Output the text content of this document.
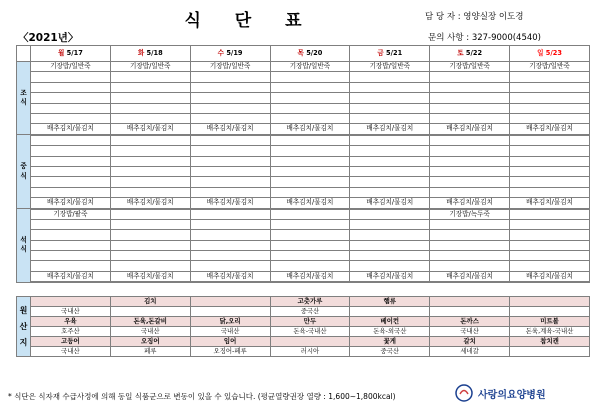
식 단 표	담 당 자 : 영양실장 이도경
〈2021년〉	문의 사항 : 327-9000(4540)
	월 5/17	화 5/18	수 5/19	목 5/20	금 5/21	토 5/22	일 5/23

조
식	기장밥/일반죽	기장밥/일반죽	기장밥/일반죽	기장밥/일반죽	기장밥/일반죽	기장밥/일반죽	기장밥/일반죽

	배추김치/물김치	배추김치/물김치	배추김치/물김치	배추김치/물김치	배추김치/물김치	배추김치/물김치	배추김치/물김치

중
식							

	배추김치/물김치	배추김치/물김치	배추김치/물김치	배추김치/물김치	배추김치/물김치	배추김치/물김치	배추김치/물김치

석
식	기장밥/팥죽					기장밥/녹두죽	

	배추김치/물김치	배추김치/물김치	배추김치/물김치	배추김치/물김치	배추김치/물김치	배추김치/물김치	배추김치/물김치
원
산
지		김치		고춧가루	햄류		
	국내산			중국산			
	우육	돈육,돈갈비	닭,오리	만두	베이컨	돈까스	미트볼
	호주산	국내산	국내산	돈육-국내산	돈육-외국산	국내산	돈육,계육-국내산
	고등어	오징어	임어		꽃게	갈치	참치캔
	국내산	페루	오징어-페루	러시아	중국산	세네갈	
* 식단은 식자재 수급사정에 의해 동일 식품군으로 변동이 있을 수 있습니다. (평균열량권장 열량 : 1,600~1,800kcal)	사랑의요양병원
